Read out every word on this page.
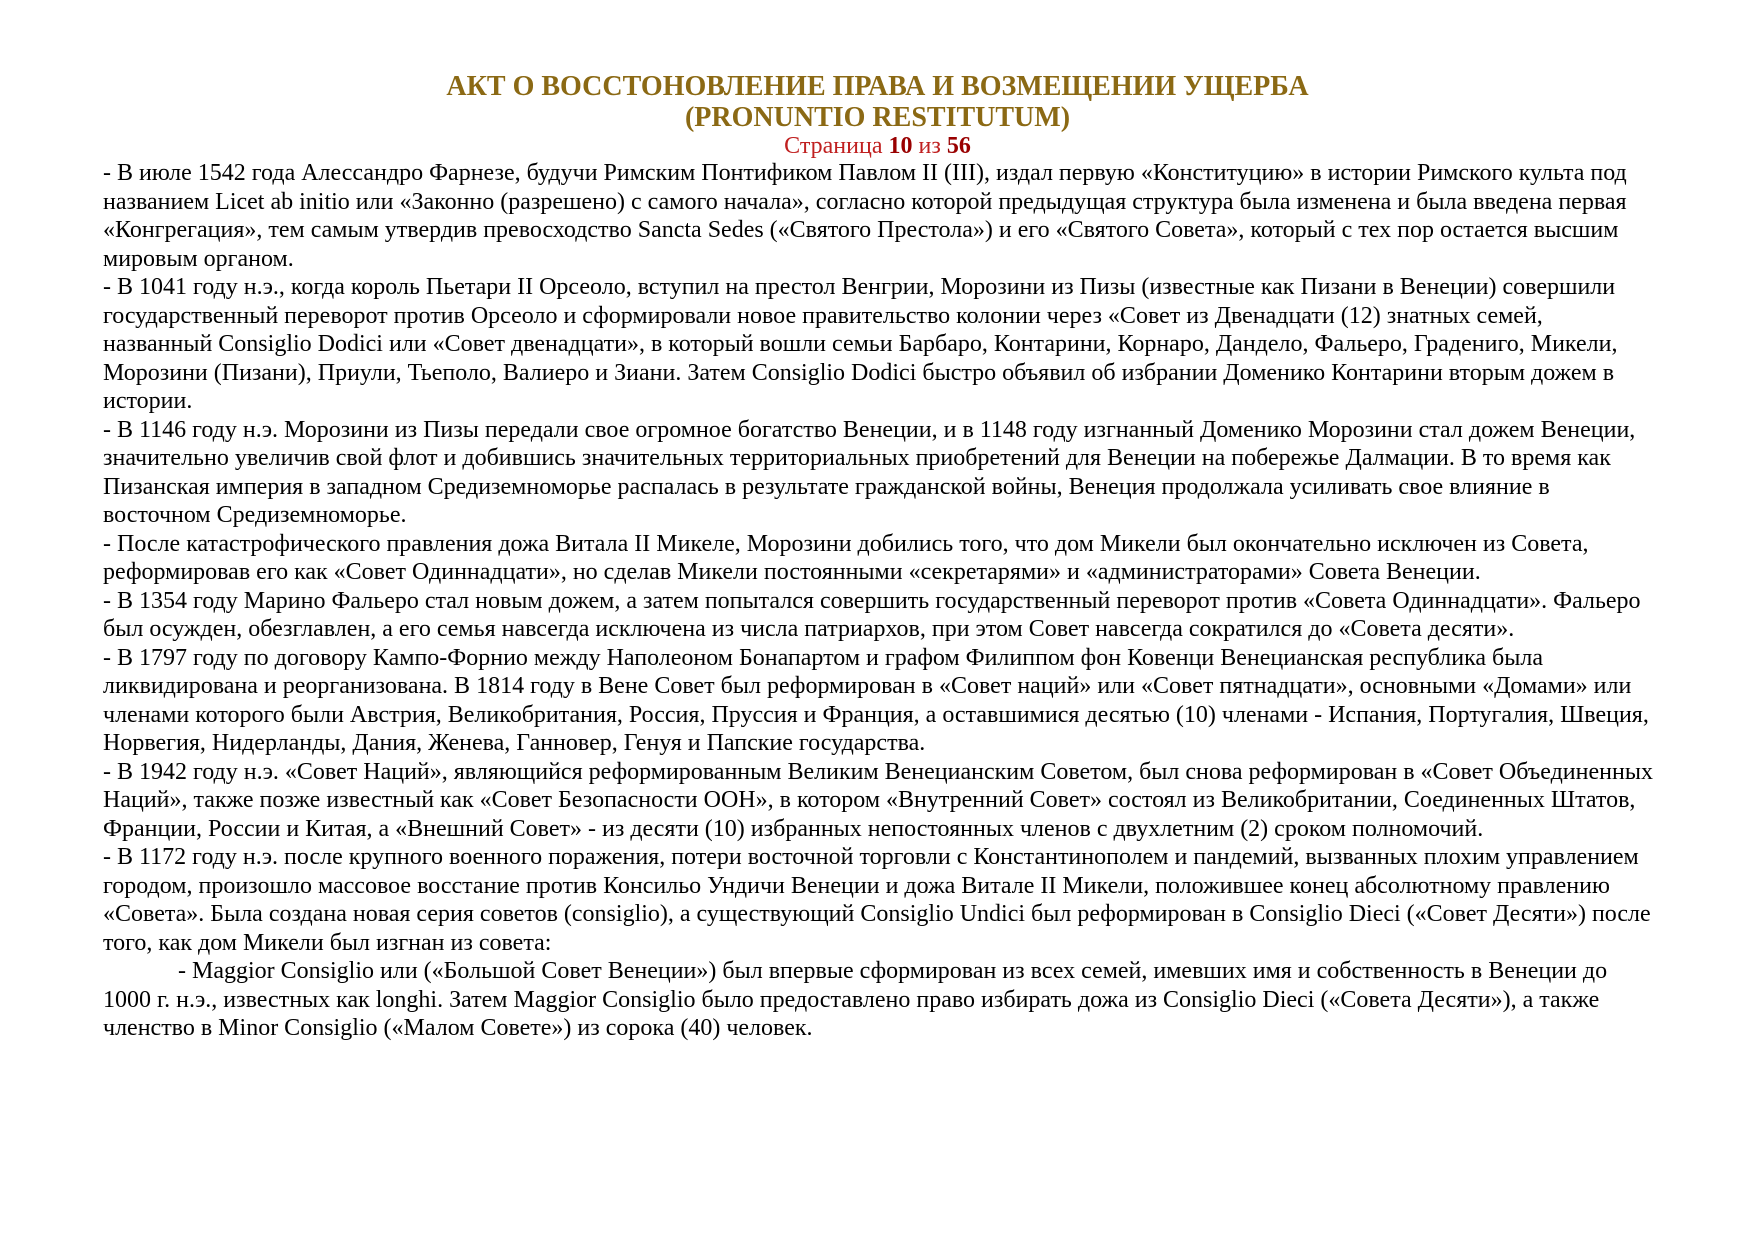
АКТ О ВОССТОНОВЛЕНИЕ ПРАВА И ВОЗМЕЩЕНИИ УЩЕРБА
(PRONUNTIO RESTITUTUM)
Страница 10 из 56

- В июле 1542 года Алессандро Фарнезе, будучи Римским Понтификом Павлом II (III), издал первую «Конституцию» в истории Римского культа под названием Licet ab initio или «Законно (разрешено) с самого начала», согласно которой предыдущая структура была изменена и была введена первая «Конгрегация», тем самым утвердив превосходство Sancta Sedes («Святого Престола») и его «Святого Совета», который с тех пор остается высшим мировым органом.

- В 1041 году н.э., когда король Пьетари II Орсеоло, вступил на престол Венгрии, Морозини из Пизы (известные как Пизани в Венеции) совершили государственный переворот против Орсеоло и сформировали новое правительство колонии через «Совет из Двенадцати (12) знатных семей, названный Consiglio Dodici или «Совет двенадцати», в который вошли семьи Барбаро, Контарини, Корнаро, Дандело, Фальеро, Градениго, Микели, Морозини (Пизани), Приули, Тьеполо, Валиеро и Зиани. Затем Consiglio Dodici быстро объявил об избрании Доменико Контарини вторым дожем в истории.

- В 1146 году н.э. Морозини из Пизы передали свое огромное богатство Венеции, и в 1148 году изгнанный Доменико Морозини стал дожем Венеции, значительно увеличив свой флот и добившись значительных территориальных приобретений для Венеции на побережье Далмации. В то время как Пизанская империя в западном Средиземноморье распалась в результате гражданской войны, Венеция продолжала усиливать свое влияние в восточном Средиземноморье.

- После катастрофического правления дожа Витала II Микеле, Морозини добились того, что дом Микели был окончательно исключен из Совета, реформировав его как «Совет Одиннадцати», но сделав Микели постоянными «секретарями» и «администраторами» Совета Венеции.

- В 1354 году Марино Фальеро стал новым дожем, а затем попытался совершить государственный переворот против «Совета Одиннадцати». Фальеро был осужден, обезглавлен, а его семья навсегда исключена из числа патриархов, при этом Совет навсегда сократился до «Совета десяти».

- В 1797 году по договору Кампо-Форнио между Наполеоном Бонапартом и графом Филиппом фон Ковенци Венецианская республика была ликвидирована и реорганизована. В 1814 году в Вене Совет был реформирован в «Совет наций» или «Совет пятнадцати», основными «Домами» или членами которого были Австрия, Великобритания, Россия, Пруссия и Франция, а оставшимися десятью (10) членами - Испания, Португалия, Швеция, Норвегия, Нидерланды, Дания, Женева, Ганновер, Генуя и Папские государства.

- В 1942 году н.э. «Совет Наций», являющийся реформированным Великим Венецианским Советом, был снова реформирован в «Совет Объединенных Наций», также позже известный как «Совет Безопасности ООН», в котором «Внутренний Совет» состоял из Великобритании, Соединенных Штатов, Франции, России и Китая, а «Внешний Совет» - из десяти (10) избранных непостоянных членов с двухлетним (2) сроком полномочий.

- В 1172 году н.э. после крупного военного поражения, потери восточной торговли с Константинополем и пандемий, вызванных плохим управлением городом, произошло массовое восстание против Консильо Ундичи Венеции и дожа Витале II Микели, положившее конец абсолютному правлению «Совета». Была создана новая серия советов (consiglio), а существующий Consiglio Undici был реформирован в Consiglio Dieci («Совет Десяти») после того, как дом Микели был изгнан из совета:

- Maggior Consiglio или («Большой Совет Венеции») был впервые сформирован из всех семей, имевших имя и собственность в Венеции до 1000 г. н.э., известных как longhi. Затем Maggior Consiglio было предоставлено право избирать дожа из Consiglio Dieci («Совета Десяти»), а также членство в Minor Consiglio («Малом Совете») из сорока (40) человек.
